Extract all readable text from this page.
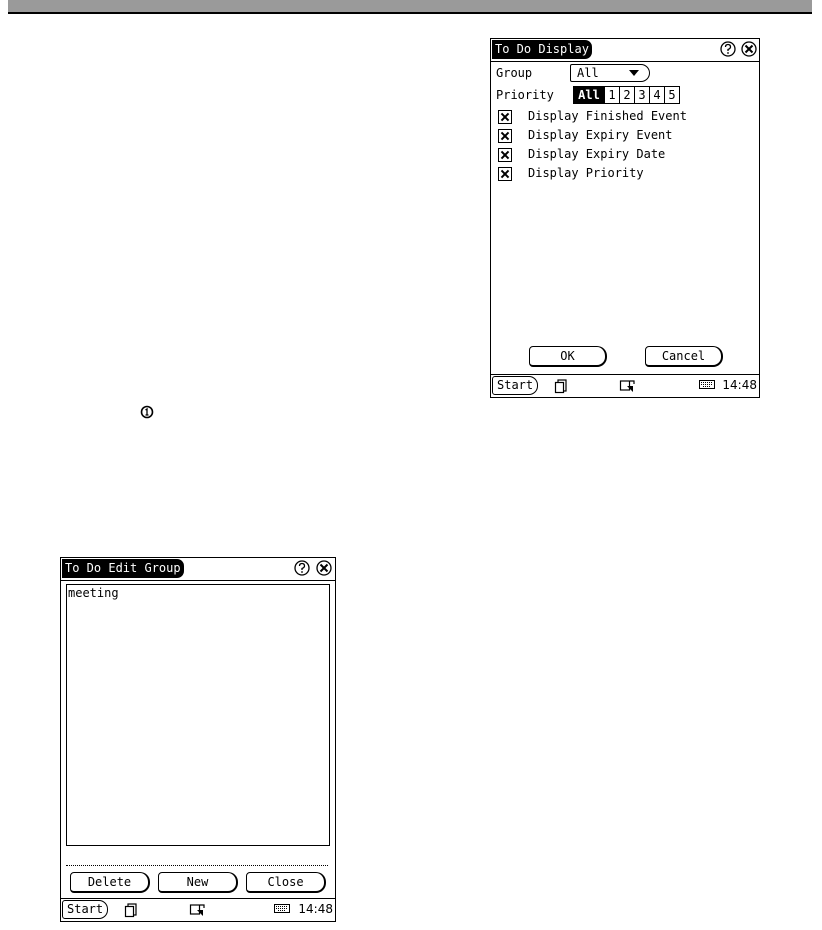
To Do Display
Group	All
Priority	All 1 2 3 4 5
Display Finished Event
Display Expiry Event
Display Expiry Date
Display Priority
OK	Cancel
Start	14:48
To Do Edit Group
meeting
Delete	New	Close
Start	14:48
